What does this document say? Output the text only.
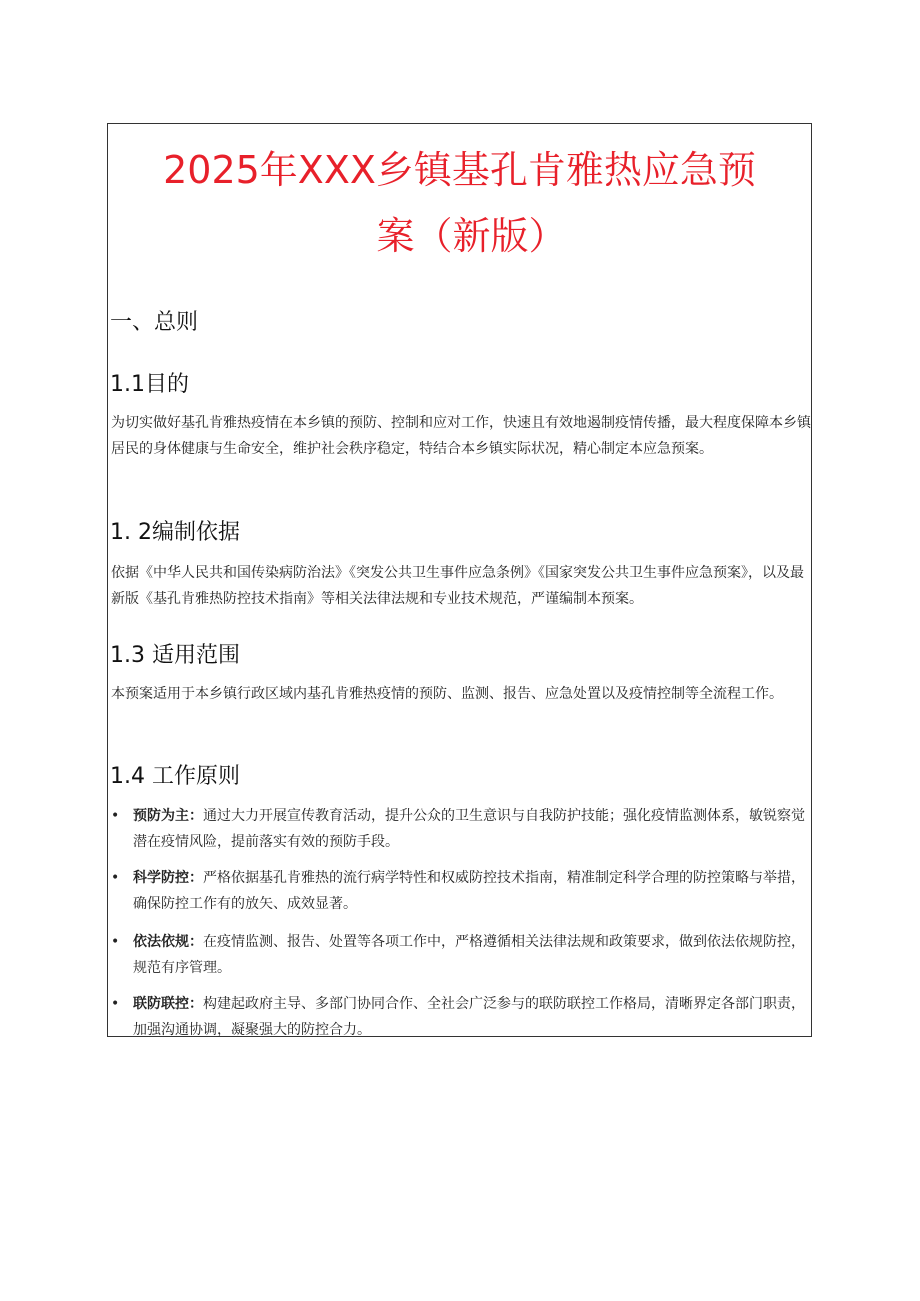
2025年XXX乡镇基孔肯雅热应急预
案（新版）
一、总则
1.1目的

为切实做好基孔肯雅热疫情在本乡镇的预防、控制和应对工作，快速且有效地遏制疫情传播，最大程度保障本乡镇居民的身体健康与生命安全，维护社会秩序稳定，特结合本乡镇实际状况，精心制定本应急预案。

1. 2编制依据

依据《中华人民共和国传染病防治法》《突发公共卫生事件应急条例》《国家突发公共卫生事件应急预案》，以及最新版《基孔肯雅热防控技术指南》等相关法律法规和专业技术规范，严谨编制本预案。

1.3 适用范围

本预案适用于本乡镇行政区域内基孔肯雅热疫情的预防、监测、报告、应急处置以及疫情控制等全流程工作。

1.4 工作原则
• 预防为主：通过大力开展宣传教育活动，提升公众的卫生意识与自我防护技能；强化疫情监测体系，敏锐察觉潜在疫情风险，提前落实有效的预防手段。
• 科学防控：严格依据基孔肯雅热的流行病学特性和权威防控技术指南，精准制定科学合理的防控策略与举措，确保防控工作有的放矢、成效显著。
• 依法依规：在疫情监测、报告、处置等各项工作中，严格遵循相关法律法规和政策要求，做到依法依规防控，规范有序管理。
• 联防联控：构建起政府主导、多部门协同合作、全社会广泛参与的联防联控工作格局，清晰界定各部门职责，加强沟通协调，凝聚强大的防控合力。
